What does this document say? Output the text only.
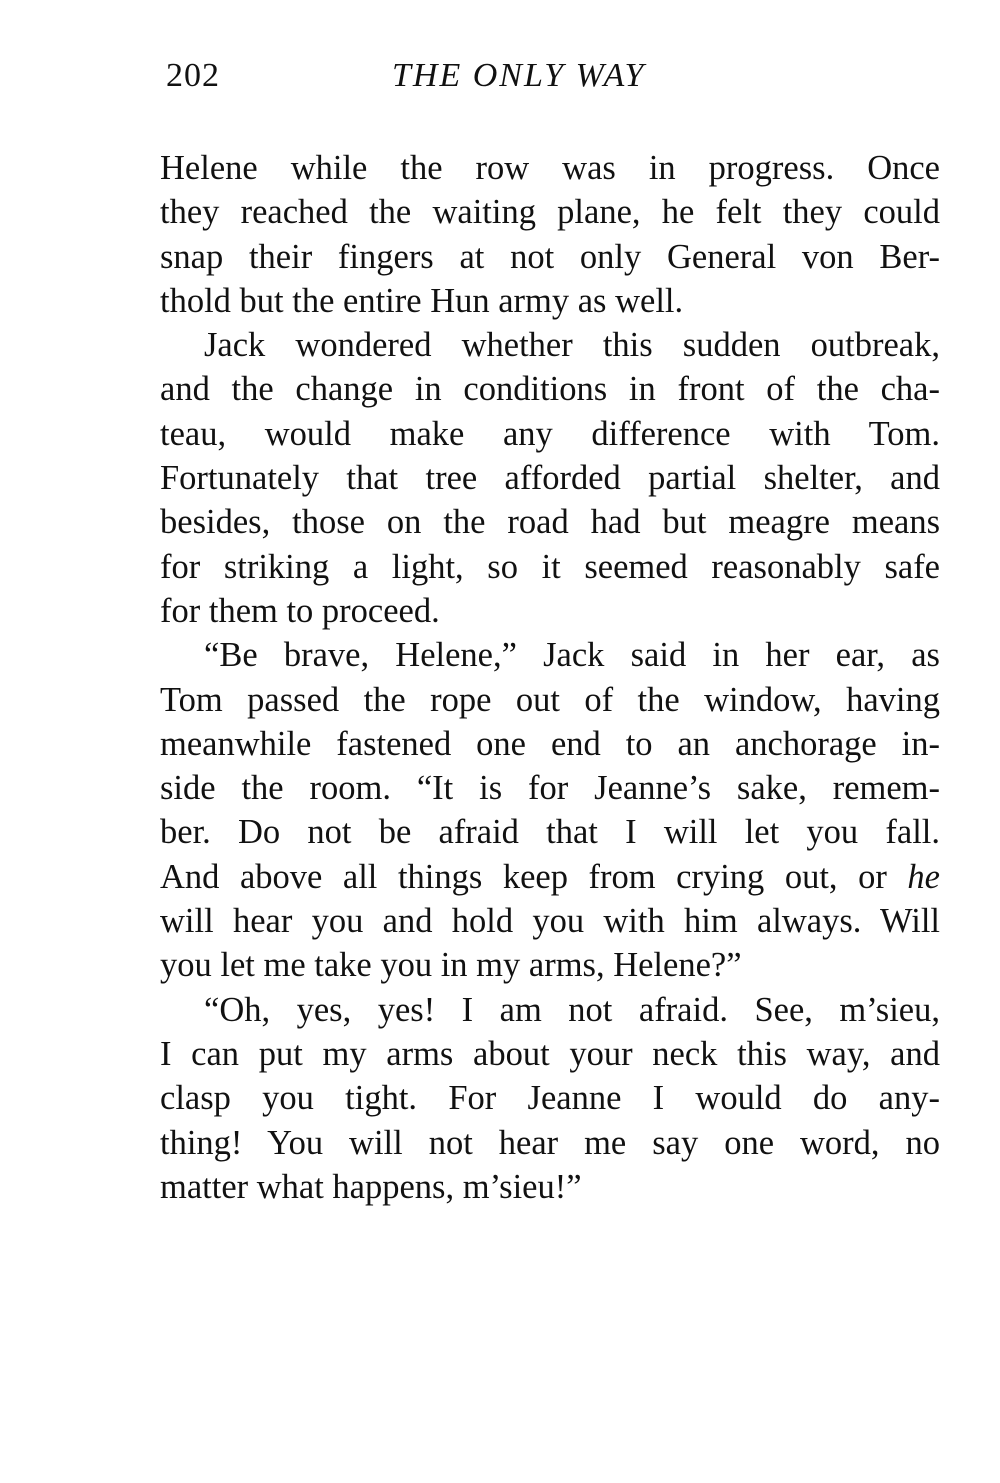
202	THE ONLY WAY
Helene while the row was in progress. Once
they reached the waiting plane, he felt they could
snap their fingers at not only General von Ber-
thold but the entire Hun army as well.
Jack wondered whether this sudden outbreak,
and the change in conditions in front of the cha-
teau, would make any difference with Tom.
Fortunately that tree afforded partial shelter, and
besides, those on the road had but meagre means
for striking a light, so it seemed reasonably safe
for them to proceed.
“Be brave, Helene,” Jack said in her ear, as
Tom passed the rope out of the window, having
meanwhile fastened one end to an anchorage in-
side the room. “It is for Jeanne’s sake, remem-
ber. Do not be afraid that I will let you fall.
And above all things keep from crying out, or he
will hear you and hold you with him always. Will
you let me take you in my arms, Helene?”
“Oh, yes, yes! I am not afraid. See, m’sieu,
I can put my arms about your neck this way, and
clasp you tight. For Jeanne I would do any-
thing! You will not hear me say one word, no
matter what happens, m’sieu!”
